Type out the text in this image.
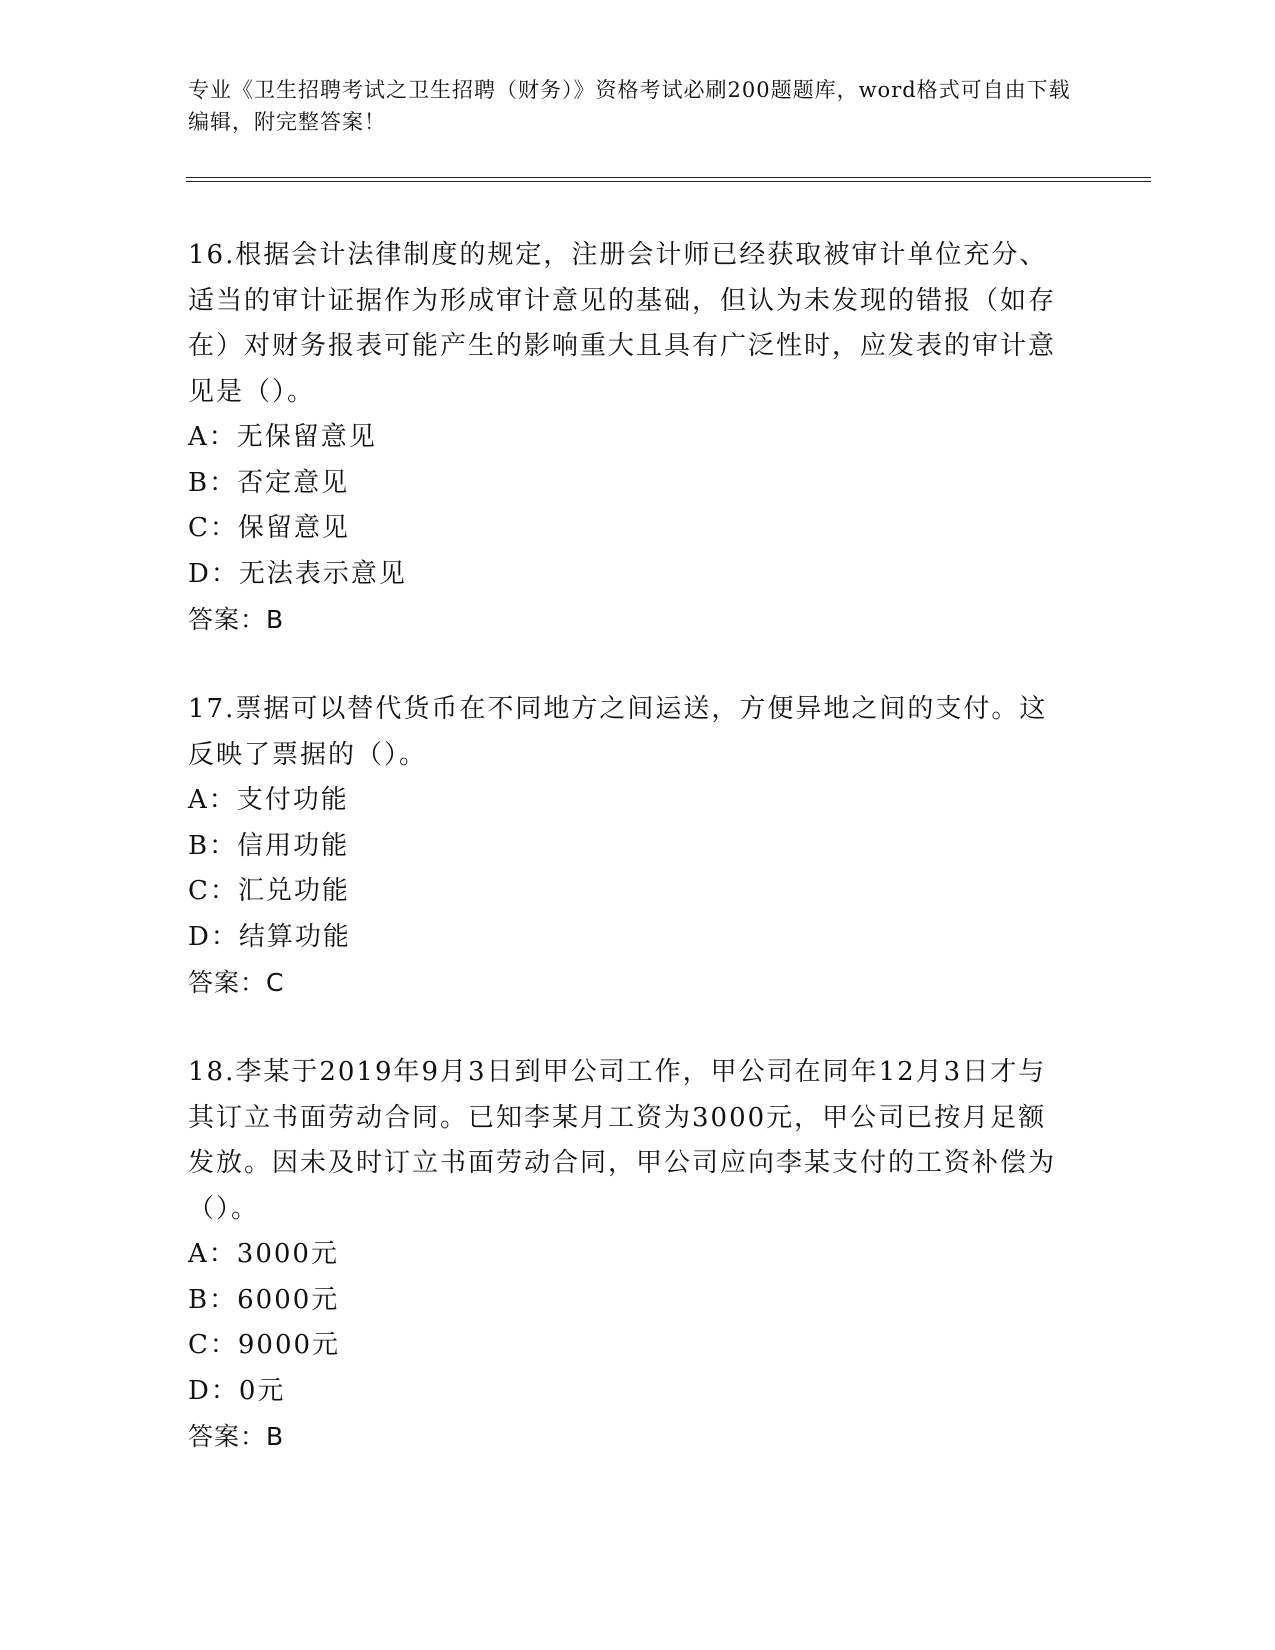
专业《卫生招聘考试之卫生招聘（财务）》资格考试必刷200题题库，word格式可自由下载编辑，附完整答案！
16.根据会计法律制度的规定，注册会计师已经获取被审计单位充分、适当的审计证据作为形成审计意见的基础，但认为未发现的错报（如存在）对财务报表可能产生的影响重大且具有广泛性时，应发表的审计意见是（）。
A：无保留意见
B：否定意见
C：保留意见
D：无法表示意见
答案：B
17.票据可以替代货币在不同地方之间运送，方便异地之间的支付。这反映了票据的（）。
A：支付功能
B：信用功能
C：汇兑功能
D：结算功能
答案：C
18.李某于2019年9月3日到甲公司工作，甲公司在同年12月3日才与其订立书面劳动合同。已知李某月工资为3000元，甲公司已按月足额发放。因未及时订立书面劳动合同，甲公司应向李某支付的工资补偿为（）。
A：3000元
B：6000元
C：9000元
D：0元
答案：B
